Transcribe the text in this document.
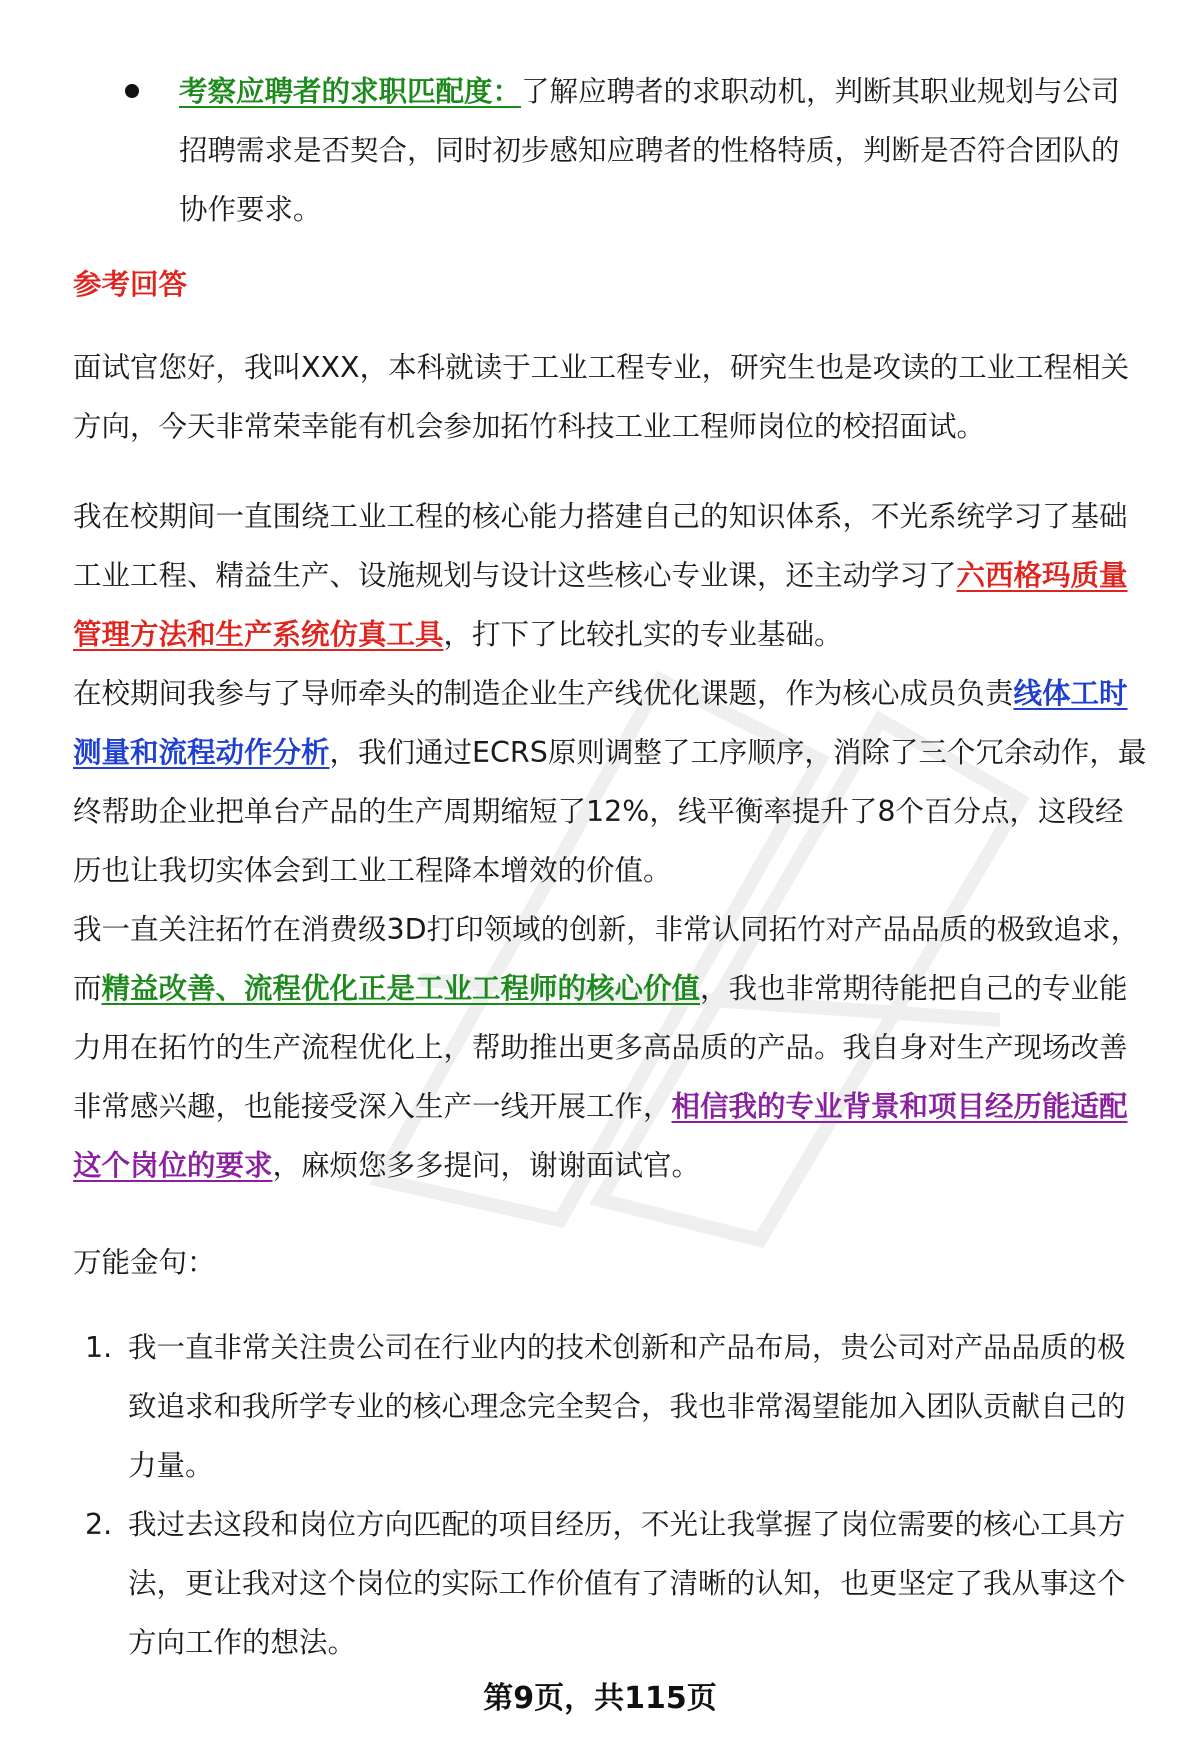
考察应聘者的求职匹配度：了解应聘者的求职动机，判断其职业规划与公司招聘需求是否契合，同时初步感知应聘者的性格特质，判断是否符合团队的协作要求。

参考回答

面试官您好，我叫XXX，本科就读于工业工程专业，研究生也是攻读的工业工程相关方向，今天非常荣幸能有机会参加拓竹科技工业工程师岗位的校招面试。

我在校期间一直围绕工业工程的核心能力搭建自己的知识体系，不光系统学习了基础工业工程、精益生产、设施规划与设计这些核心专业课，还主动学习了六西格玛质量管理方法和生产系统仿真工具，打下了比较扎实的专业基础。
在校期间我参与了导师牵头的制造企业生产线优化课题，作为核心成员负责线体工时测量和流程动作分析，我们通过ECRS原则调整了工序顺序，消除了三个冗余动作，最终帮助企业把单台产品的生产周期缩短了12%，线平衡率提升了8个百分点，这段经历也让我切实体会到工业工程降本增效的价值。
我一直关注拓竹在消费级3D打印领域的创新，非常认同拓竹对产品品质的极致追求，而精益改善、流程优化正是工业工程师的核心价值，我也非常期待能把自己的专业能力用在拓竹的生产流程优化上，帮助推出更多高品质的产品。我自身对生产现场改善非常感兴趣，也能接受深入生产一线开展工作，相信我的专业背景和项目经历能适配这个岗位的要求，麻烦您多多提问，谢谢面试官。

万能金句：

1. 我一直非常关注贵公司在行业内的技术创新和产品布局，贵公司对产品品质的极致追求和我所学专业的核心理念完全契合，我也非常渴望能加入团队贡献自己的力量。
2. 我过去这段和岗位方向匹配的项目经历，不光让我掌握了岗位需要的核心工具方法，更让我对这个岗位的实际工作价值有了清晰的认知，也更坚定了我从事这个方向工作的想法。
第9页，共115页
